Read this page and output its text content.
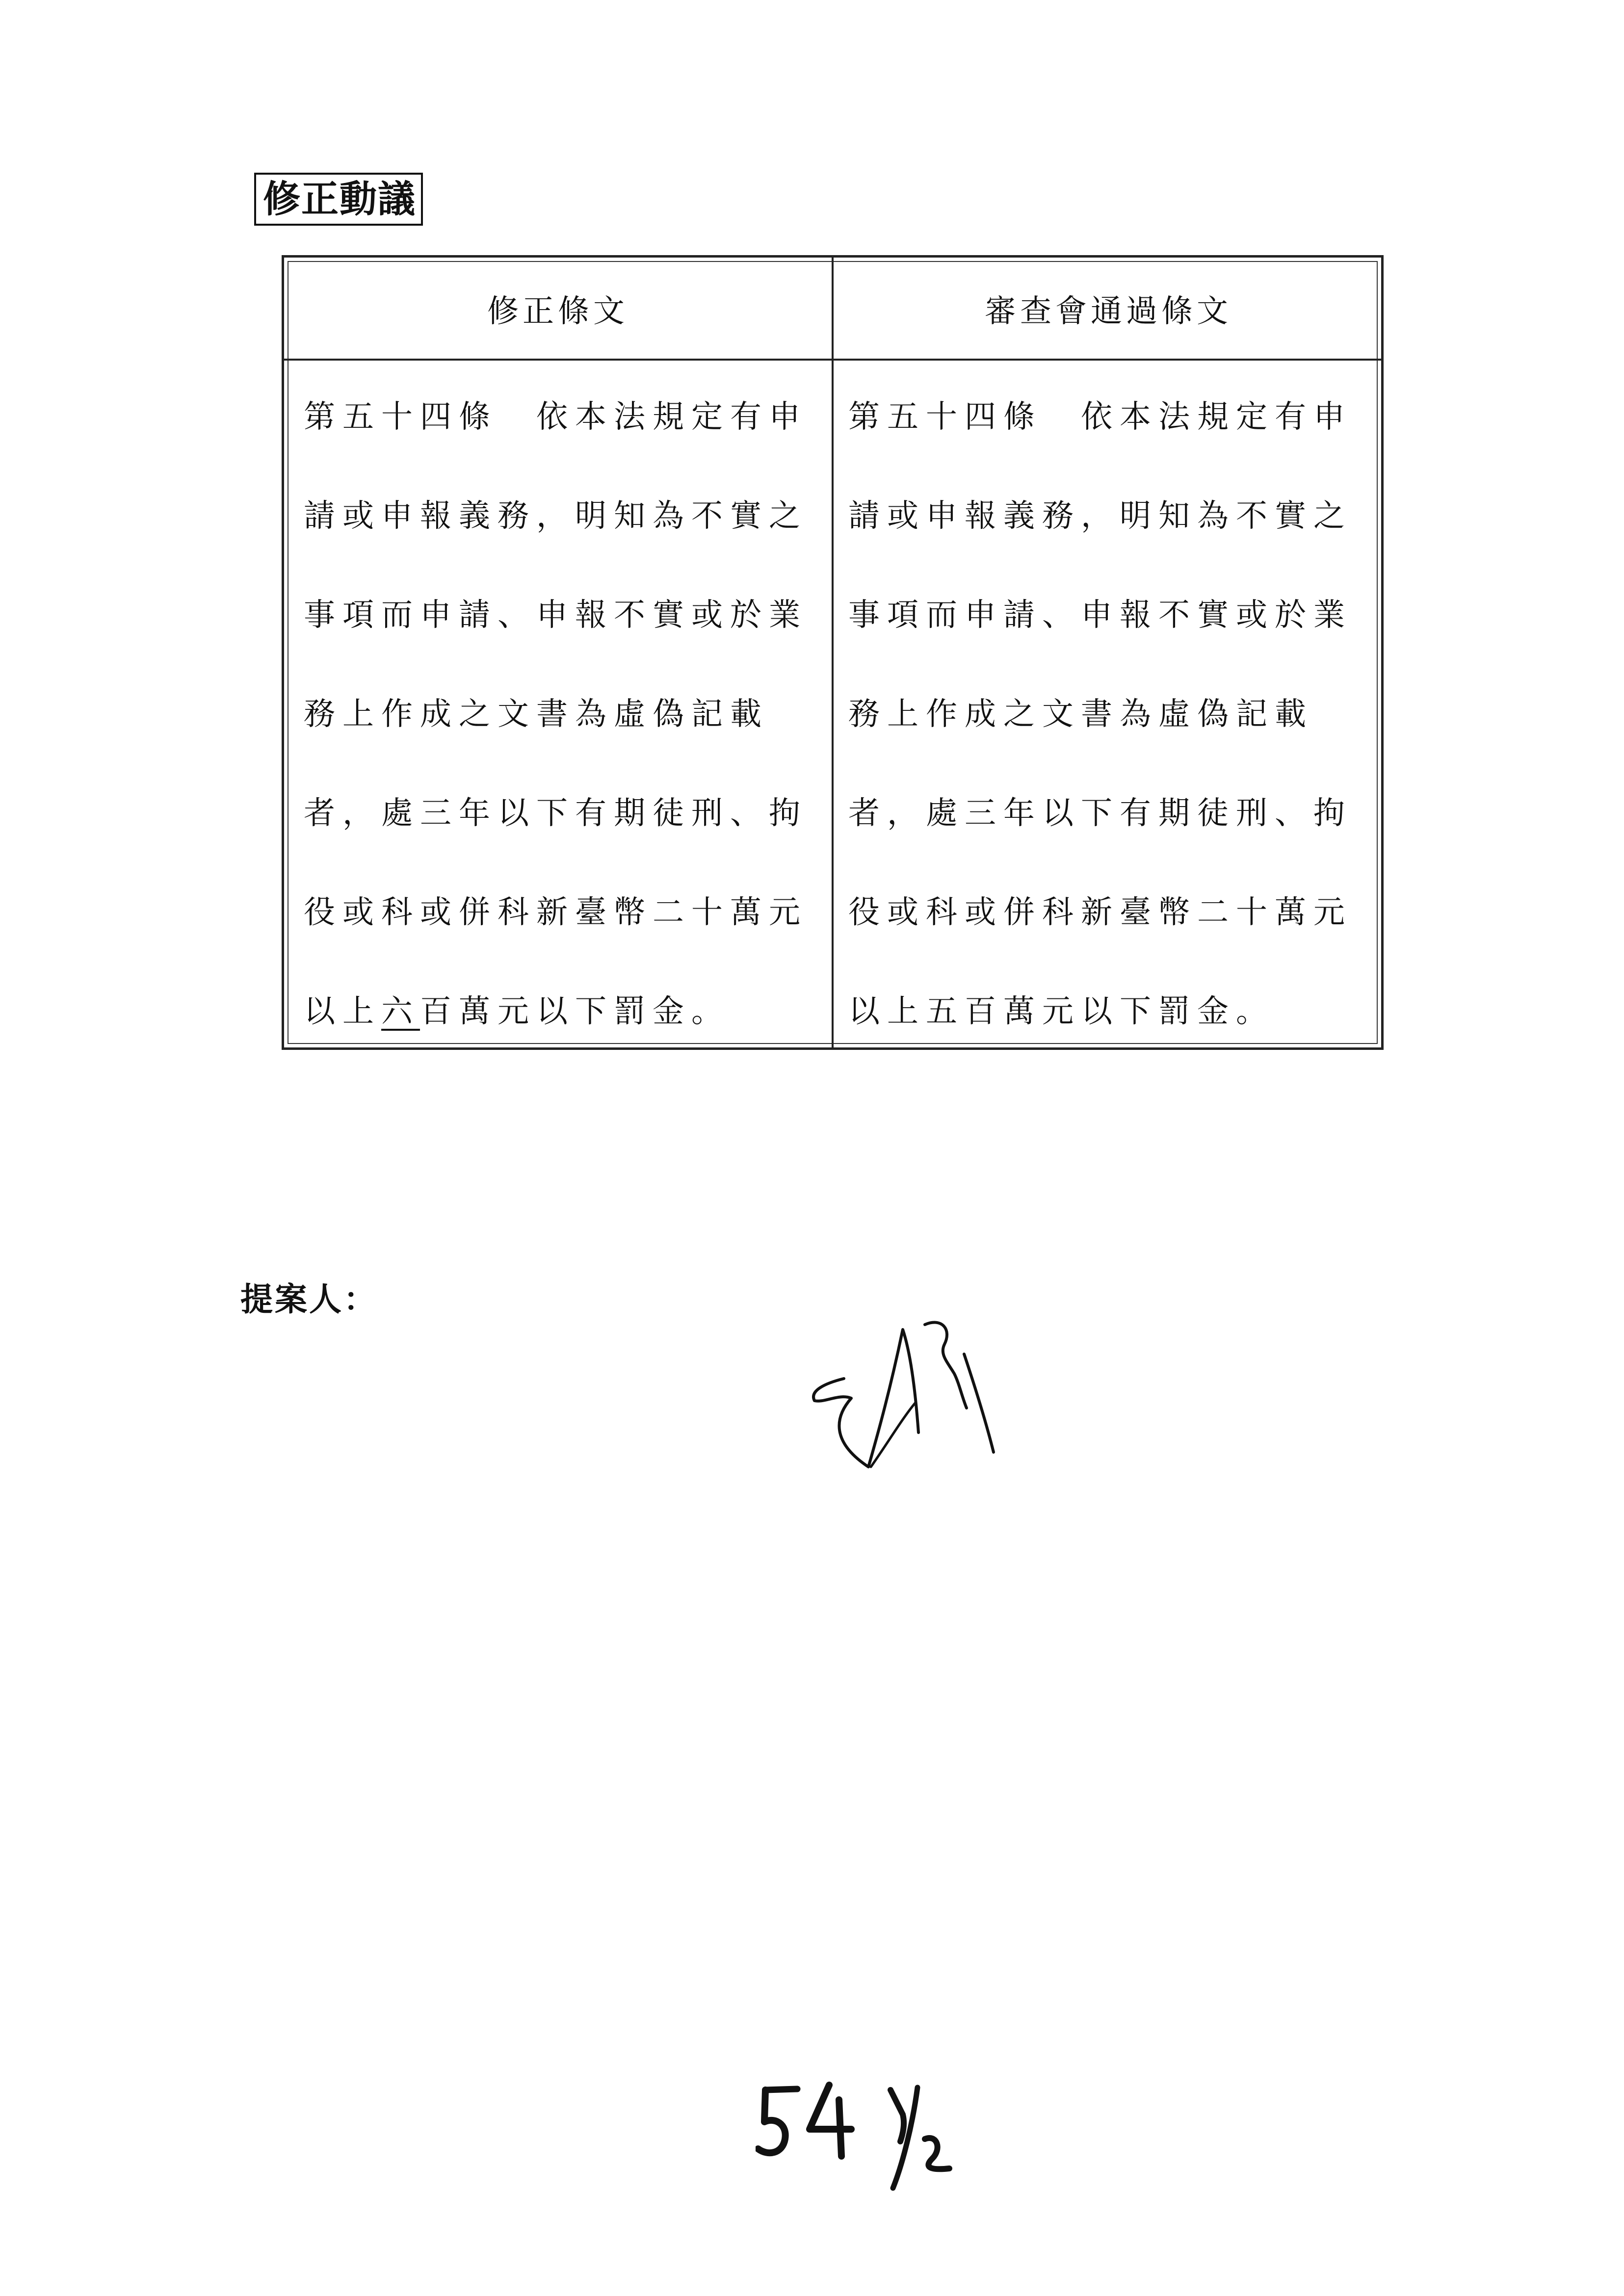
修正動議
修正條文	審查會通過條文
第五十四條　依本法規定有申
請或申報義務，明知為不實之
事項而申請、申報不實或於業
務上作成之文書為虛偽記載
者，處三年以下有期徒刑、拘
役或科或併科新臺幣二十萬元
以上六百萬元以下罰金。
第五十四條　依本法規定有申
請或申報義務，明知為不實之
事項而申請、申報不實或於業
務上作成之文書為虛偽記載
者，處三年以下有期徒刑、拘
役或科或併科新臺幣二十萬元
以上五百萬元以下罰金。
提案人：
